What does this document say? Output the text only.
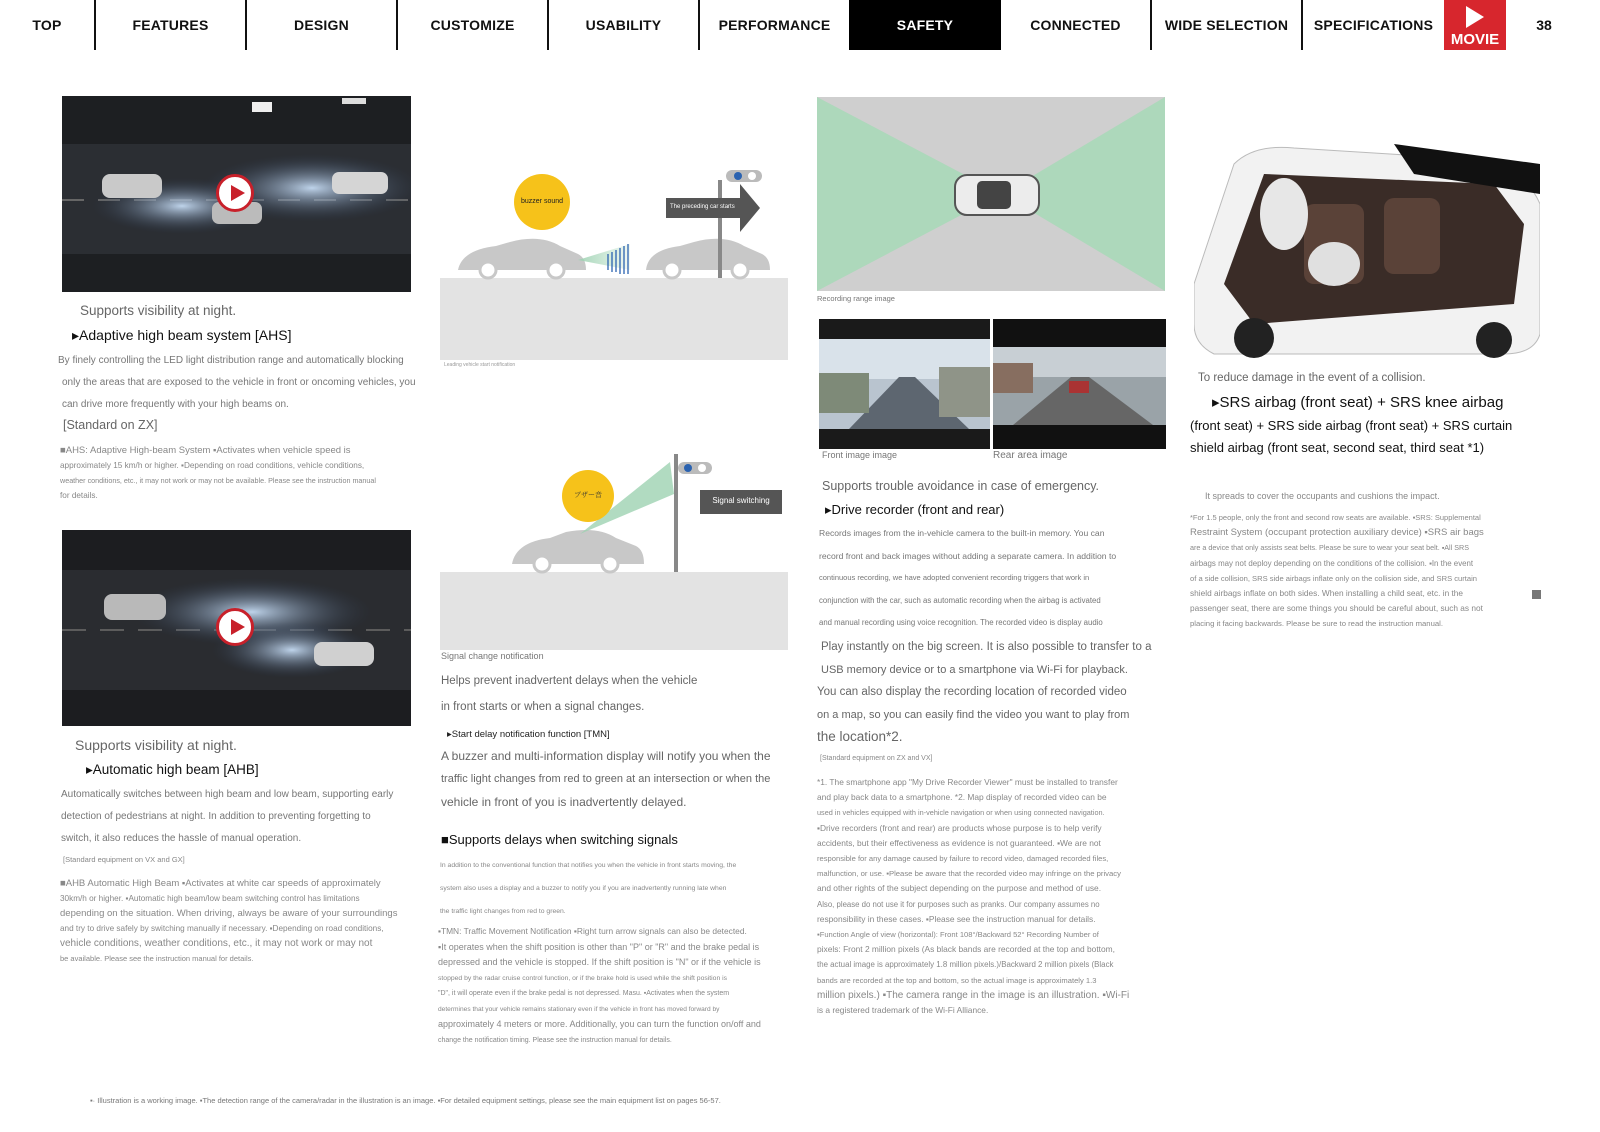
TOP	FEATURES	DESIGN	CUSTOMIZE	USABILITY	PERFORMANCE	SAFETY	CONNECTED	WIDE SELECTION	SPECIFICATIONS
MOVIE
38
Supports visibility at night.
▸Adaptive high beam system [AHS]
By finely controlling the LED light distribution range and automatically blocking
only the areas that are exposed to the vehicle in front or oncoming vehicles, you
can drive more frequently with your high beams on.
[Standard on ZX]
■AHS: Adaptive High-beam System ▪Activates when vehicle speed is
approximately 15 km/h or higher. ▪Depending on road conditions, vehicle conditions,
weather conditions, etc., it may not work or may not be available. Please see the instruction manual
for details.
Supports visibility at night.
▸Automatic high beam [AHB]
Automatically switches between high beam and low beam, supporting early
detection of pedestrians at night. In addition to preventing forgetting to
switch, it also reduces the hassle of manual operation.
[Standard equipment on VX and GX]
■AHB Automatic High Beam ▪Activates at white car speeds of approximately
30km/h or higher. ▪Automatic high beam/low beam switching control has limitations
depending on the situation. When driving, always be aware of your surroundings
and try to drive safely by switching manually if necessary. ▪Depending on road conditions,
vehicle conditions, weather conditions, etc., it may not work or may not
be available. Please see the instruction manual for details.
buzzer sound
The preceding car starts
Leading vehicle start notification
ブザー音
Signal switching
Signal change notification
Helps prevent inadvertent delays when the vehicle
in front starts or when a signal changes.
▸Start delay notification function [TMN]
A buzzer and multi-information display will notify you when the
traffic light changes from red to green at an intersection or when the
vehicle in front of you is inadvertently delayed.
■Supports delays when switching signals
In addition to the conventional function that notifies you when the vehicle in front starts moving, the
system also uses a display and a buzzer to notify you if you are inadvertently running late when
the traffic light changes from red to green.
▪TMN: Traffic Movement Notification ▪Right turn arrow signals can also be detected.
▪It operates when the shift position is other than "P" or "R" and the brake pedal is
depressed and the vehicle is stopped. If the shift position is "N" or if the vehicle is
stopped by the radar cruise control function, or if the brake hold is used while the shift position is
"D", it will operate even if the brake pedal is not depressed. Masu. ▪Activates when the system
determines that your vehicle remains stationary even if the vehicle in front has moved forward by
approximately 4 meters or more. Additionally, you can turn the function on/off and
change the notification timing. Please see the instruction manual for details.
Recording range image
Front image image	Rear area image
Supports trouble avoidance in case of emergency.
▸Drive recorder (front and rear)
Records images from the in-vehicle camera to the built-in memory. You can
record front and back images without adding a separate camera. In addition to
continuous recording, we have adopted convenient recording triggers that work in
conjunction with the car, such as automatic recording when the airbag is activated
and manual recording using voice recognition. The recorded video is display audio
Play instantly on the big screen. It is also possible to transfer to a
USB memory device or to a smartphone via Wi-Fi for playback.
You can also display the recording location of recorded video
on a map, so you can easily find the video you want to play from
the location*2.
[Standard equipment on ZX and VX]
*1. The smartphone app "My Drive Recorder Viewer" must be installed to transfer
and play back data to a smartphone. *2. Map display of recorded video can be
used in vehicles equipped with in-vehicle navigation or when using connected navigation.
▪Drive recorders (front and rear) are products whose purpose is to help verify
accidents, but their effectiveness as evidence is not guaranteed. ▪We are not
responsible for any damage caused by failure to record video, damaged recorded files,
malfunction, or use. ▪Please be aware that the recorded video may infringe on the privacy
and other rights of the subject depending on the purpose and method of use.
Also, please do not use it for purposes such as pranks. Our company assumes no
responsibility in these cases. ▪Please see the instruction manual for details.
▪Function Angle of view (horizontal): Front 108°/Backward 52° Recording Number of
pixels: Front 2 million pixels (As black bands are recorded at the top and bottom,
the actual image is approximately 1.8 million pixels.)/Backward 2 million pixels (Black
bands are recorded at the top and bottom, so the actual image is approximately 1.3
million pixels.) ▪The camera range in the image is an illustration. ▪Wi-Fi
is a registered trademark of the Wi-Fi Alliance.
To reduce damage in the event of a collision.
▸SRS airbag (front seat) + SRS knee airbag
(front seat) + SRS side airbag (front seat) + SRS curtain
shield airbag (front seat, second seat, third seat *1)
It spreads to cover the occupants and cushions the impact.
*For 1.5 people, only the front and second row seats are available. ▪SRS: Supplemental
Restraint System (occupant protection auxiliary device) ▪SRS air bags
are a device that only assists seat belts. Please be sure to wear your seat belt. ▪All SRS
airbags may not deploy depending on the conditions of the collision. ▪In the event
of a side collision, SRS side airbags inflate only on the collision side, and SRS curtain
shield airbags inflate on both sides. When installing a child seat, etc. in the
passenger seat, there are some things you should be careful about, such as not
placing it facing backwards. Please be sure to read the instruction manual.
▪· Illustration is a working image. ▪The detection range of the camera/radar in the illustration is an image. ▪For detailed equipment settings, please see the main equipment list on pages 56-57.
